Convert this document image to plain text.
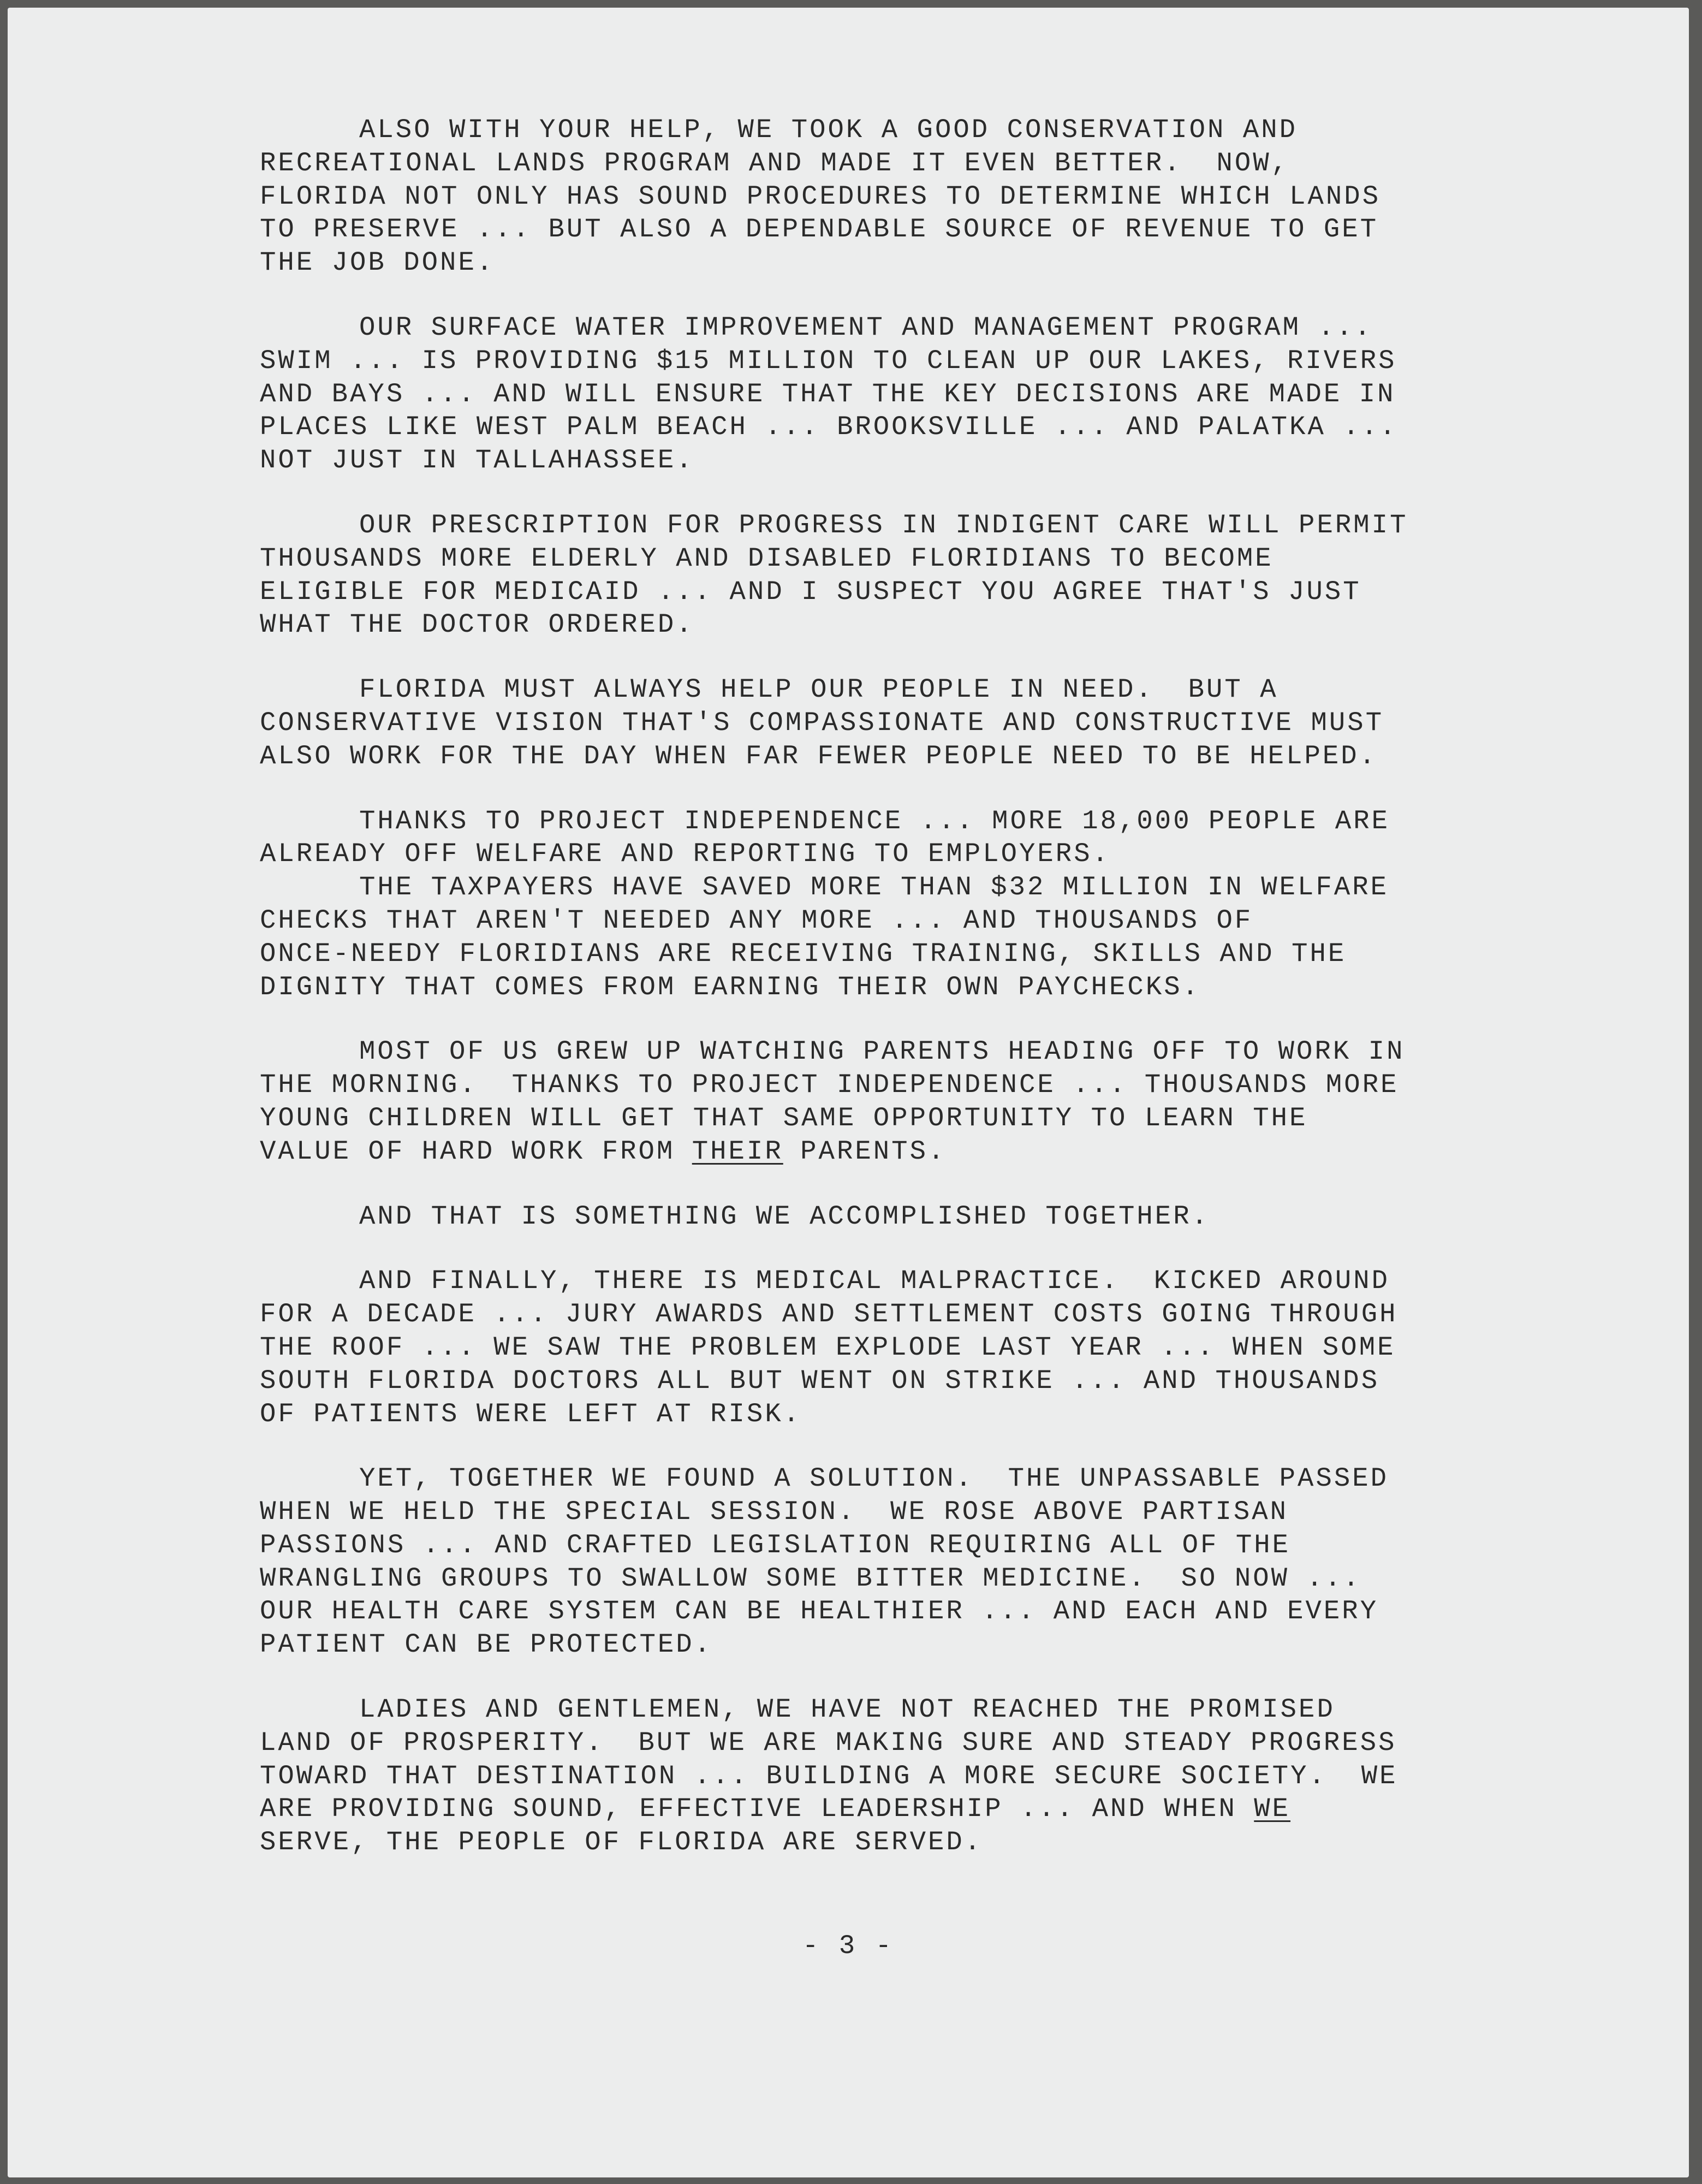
ALSO WITH YOUR HELP, WE TOOK A GOOD CONSERVATION AND
RECREATIONAL LANDS PROGRAM AND MADE IT EVEN BETTER.  NOW,
FLORIDA NOT ONLY HAS SOUND PROCEDURES TO DETERMINE WHICH LANDS
TO PRESERVE ... BUT ALSO A DEPENDABLE SOURCE OF REVENUE TO GET
THE JOB DONE.
OUR SURFACE WATER IMPROVEMENT AND MANAGEMENT PROGRAM ...
SWIM ... IS PROVIDING $15 MILLION TO CLEAN UP OUR LAKES, RIVERS
AND BAYS ... AND WILL ENSURE THAT THE KEY DECISIONS ARE MADE IN
PLACES LIKE WEST PALM BEACH ... BROOKSVILLE ... AND PALATKA ...
NOT JUST IN TALLAHASSEE.
OUR PRESCRIPTION FOR PROGRESS IN INDIGENT CARE WILL PERMIT
THOUSANDS MORE ELDERLY AND DISABLED FLORIDIANS TO BECOME
ELIGIBLE FOR MEDICAID ... AND I SUSPECT YOU AGREE THAT'S JUST
WHAT THE DOCTOR ORDERED.
FLORIDA MUST ALWAYS HELP OUR PEOPLE IN NEED.  BUT A
CONSERVATIVE VISION THAT'S COMPASSIONATE AND CONSTRUCTIVE MUST
ALSO WORK FOR THE DAY WHEN FAR FEWER PEOPLE NEED TO BE HELPED.
THANKS TO PROJECT INDEPENDENCE ... MORE 18,000 PEOPLE ARE
ALREADY OFF WELFARE AND REPORTING TO EMPLOYERS.
THE TAXPAYERS HAVE SAVED MORE THAN $32 MILLION IN WELFARE
CHECKS THAT AREN'T NEEDED ANY MORE ... AND THOUSANDS OF
ONCE-NEEDY FLORIDIANS ARE RECEIVING TRAINING, SKILLS AND THE
DIGNITY THAT COMES FROM EARNING THEIR OWN PAYCHECKS.
MOST OF US GREW UP WATCHING PARENTS HEADING OFF TO WORK IN
THE MORNING.  THANKS TO PROJECT INDEPENDENCE ... THOUSANDS MORE
YOUNG CHILDREN WILL GET THAT SAME OPPORTUNITY TO LEARN THE
VALUE OF HARD WORK FROM THEIR PARENTS.
AND THAT IS SOMETHING WE ACCOMPLISHED TOGETHER.
AND FINALLY, THERE IS MEDICAL MALPRACTICE.  KICKED AROUND
FOR A DECADE ... JURY AWARDS AND SETTLEMENT COSTS GOING THROUGH
THE ROOF ... WE SAW THE PROBLEM EXPLODE LAST YEAR ... WHEN SOME
SOUTH FLORIDA DOCTORS ALL BUT WENT ON STRIKE ... AND THOUSANDS
OF PATIENTS WERE LEFT AT RISK.
YET, TOGETHER WE FOUND A SOLUTION.  THE UNPASSABLE PASSED
WHEN WE HELD THE SPECIAL SESSION.  WE ROSE ABOVE PARTISAN
PASSIONS ... AND CRAFTED LEGISLATION REQUIRING ALL OF THE
WRANGLING GROUPS TO SWALLOW SOME BITTER MEDICINE.  SO NOW ...
OUR HEALTH CARE SYSTEM CAN BE HEALTHIER ... AND EACH AND EVERY
PATIENT CAN BE PROTECTED.
LADIES AND GENTLEMEN, WE HAVE NOT REACHED THE PROMISED
LAND OF PROSPERITY.  BUT WE ARE MAKING SURE AND STEADY PROGRESS
TOWARD THAT DESTINATION ... BUILDING A MORE SECURE SOCIETY.  WE
ARE PROVIDING SOUND, EFFECTIVE LEADERSHIP ... AND WHEN WE
SERVE, THE PEOPLE OF FLORIDA ARE SERVED.
- 3 -
